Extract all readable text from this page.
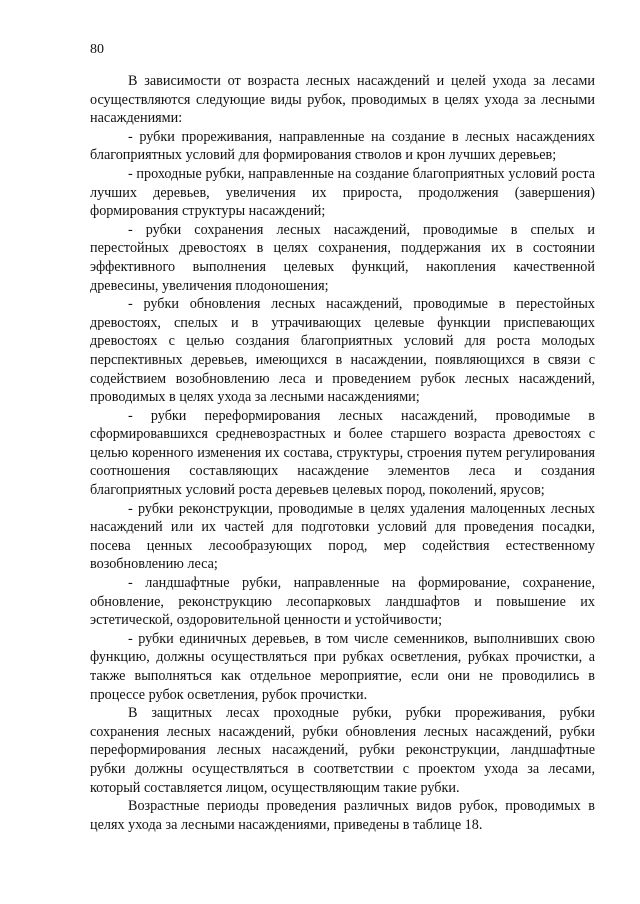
80

В зависимости от возраста лесных насаждений и целей ухода за лесами осуществляются следующие виды рубок, проводимых в целях ухода за лесными насаждениями:

- рубки прореживания, направленные на создание в лесных насаждениях благоприятных условий для формирования стволов и крон лучших деревьев;

- проходные рубки, направленные на создание благоприятных условий роста лучших деревьев, увеличения их прироста, продолжения (завершения) формирования структуры насаждений;

- рубки сохранения лесных насаждений, проводимые в спелых и перестойных древостоях в целях сохранения, поддержания их в состоянии эффективного выполнения целевых функций, накопления качественной древесины, увеличения плодоношения;

- рубки обновления лесных насаждений, проводимые в перестойных древостоях, спелых и в утрачивающих целевые функции приспевающих древостоях с целью создания благоприятных условий для роста молодых перспективных деревьев, имеющихся в насаждении, появляющихся в связи с содействием возобновлению леса и проведением рубок лесных насаждений, проводимых в целях ухода за лесными насаждениями;

- рубки переформирования лесных насаждений, проводимые в сформировавшихся средневозрастных и более старшего возраста древостоях с целью коренного изменения их состава, структуры, строения путем регулирования соотношения составляющих насаждение элементов леса и создания благоприятных условий роста деревьев целевых пород, поколений, ярусов;

- рубки реконструкции, проводимые в целях удаления малоценных лесных насаждений или их частей для подготовки условий для проведения посадки, посева ценных лесообразующих пород, мер содействия естественному возобновлению леса;

- ландшафтные рубки, направленные на формирование, сохранение, обновление, реконструкцию лесопарковых ландшафтов и повышение их эстетической, оздоровительной ценности и устойчивости;

- рубки единичных деревьев, в том числе семенников, выполнивших свою функцию, должны осуществляться при рубках осветления, рубках прочистки, а также выполняться как отдельное мероприятие, если они не проводились в процессе рубок осветления, рубок прочистки.

В защитных лесах проходные рубки, рубки прореживания, рубки сохранения лесных насаждений, рубки обновления лесных насаждений, рубки переформирования лесных насаждений, рубки реконструкции, ландшафтные рубки должны осуществляться в соответствии с проектом ухода за лесами, который составляется лицом, осуществляющим такие рубки.

Возрастные периоды проведения различных видов рубок, проводимых в целях ухода за лесными насаждениями, приведены в таблице 18.
